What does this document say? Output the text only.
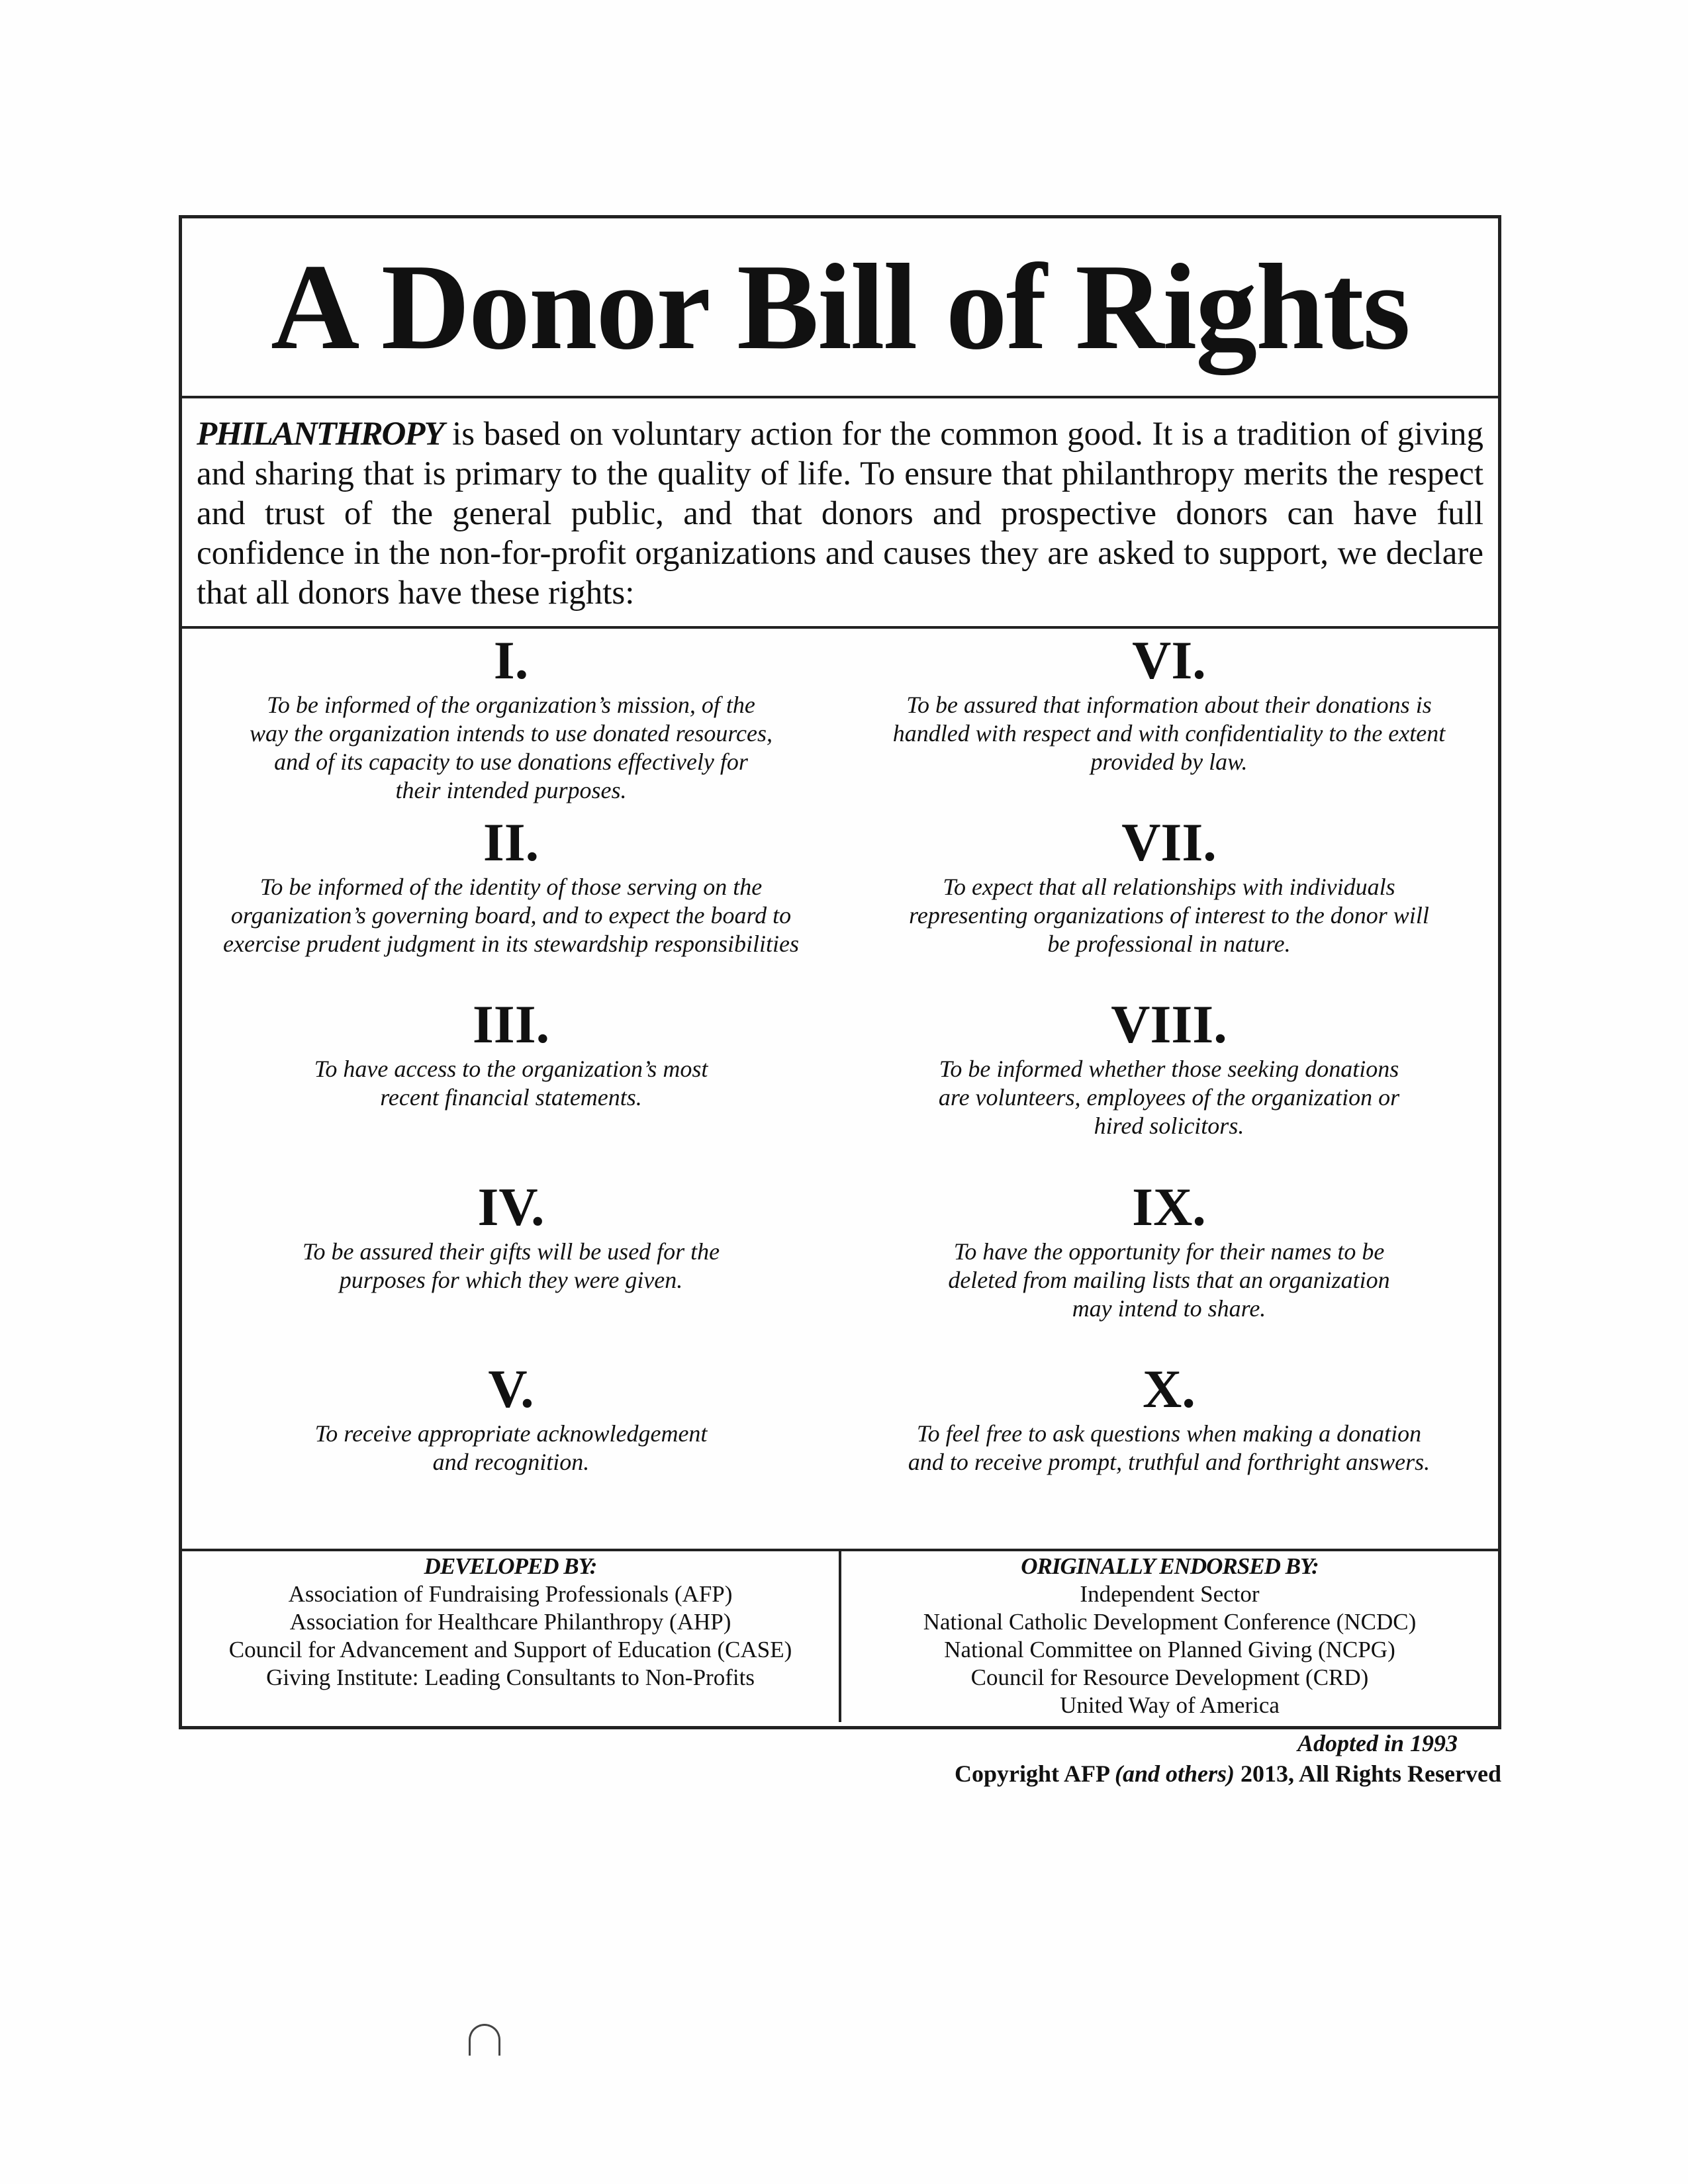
A Donor Bill of Rights
PHILANTHROPY is based on voluntary action for the common good. It is a tradition of giving and sharing that is primary to the quality of life. To ensure that philanthropy merits the respect and trust of the general public, and that donors and prospective donors can have full confidence in the non-for-profit organizations and causes they are asked to support, we declare that all donors have these rights:
I.
To be informed of the organization’s mission, of the way the organization intends to use donated resources, and of its capacity to use donations effectively for their intended purposes.
VI.
To be assured that information about their donations is handled with respect and with confidentiality to the extent provided by law.
II.
To be informed of the identity of those serving on the organization’s governing board, and to expect the board to exercise prudent judgment in its stewardship responsibilities
VII.
To expect that all relationships with individuals representing organizations of interest to the donor will be professional in nature.
III.
To have access to the organization’s most recent financial statements.
VIII.
To be informed whether those seeking donations are volunteers, employees of the organization or hired solicitors.
IV.
To be assured their gifts will be used for the purposes for which they were given.
IX.
To have the opportunity for their names to be deleted from mailing lists that an organization may intend to share.
V.
To receive appropriate acknowledgement and recognition.
X.
To feel free to ask questions when making a donation and to receive prompt, truthful and forthright answers.
DEVELOPED BY:
Association of Fundraising Professionals (AFP)
Association for Healthcare Philanthropy (AHP)
Council for Advancement and Support of Education (CASE)
Giving Institute: Leading Consultants to Non-Profits
ORIGINALLY ENDORSED BY:
Independent Sector
National Catholic Development Conference (NCDC)
National Committee on Planned Giving (NCPG)
Council for Resource Development (CRD)
United Way of America
Adopted in 1993
Copyright AFP (and others) 2013, All Rights Reserved
